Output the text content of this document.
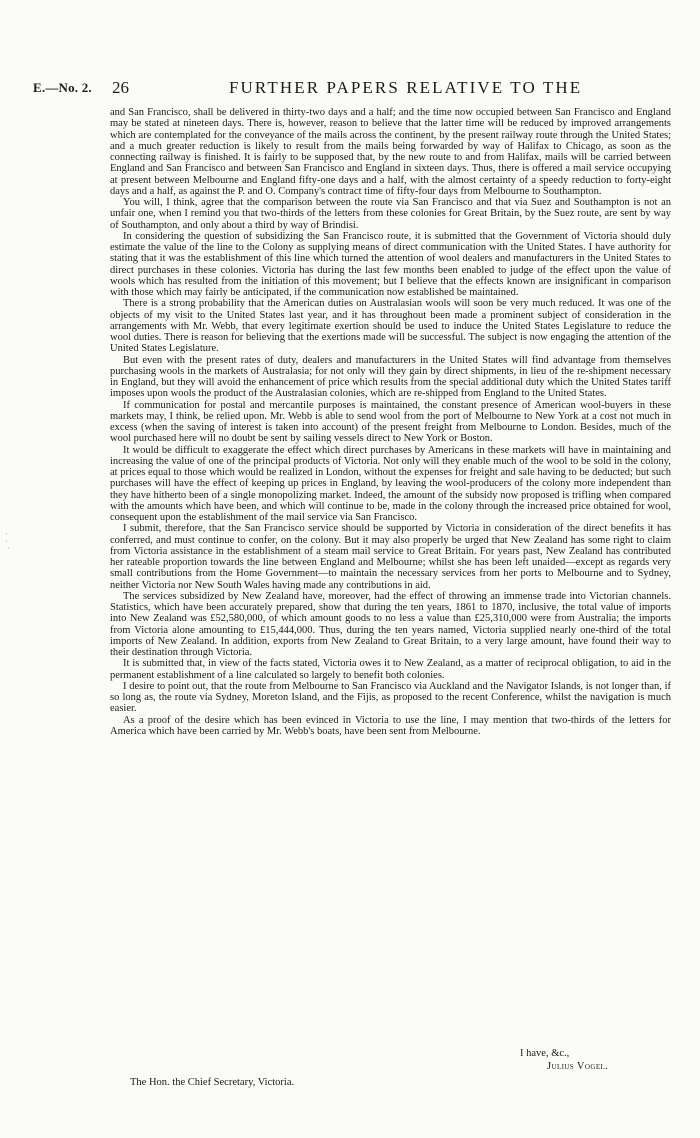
E.—No. 2. 26	FURTHER PAPERS RELATIVE TO THE
·
·
·

and San Francisco, shall be delivered in thirty-two days and a half; and the time now occupied between San Francisco and England may be stated at nineteen days. There is, however, reason to believe that the latter time will be reduced by improved arrangements which are contemplated for the conveyance of the mails across the continent, by the present railway route through the United States; and a much greater reduction is likely to result from the mails being forwarded by way of Halifax to Chicago, as soon as the connecting railway is finished. It is fairly to be supposed that, by the new route to and from Halifax, mails will be carried between England and San Francisco and between San Francisco and England in sixteen days. Thus, there is offered a mail service occupying at present between Melbourne and England fifty-one days and a half, with the almost certainty of a speedy reduction to forty-eight days and a half, as against the P. and O. Company's contract time of fifty-four days from Melbourne to Southampton.

You will, I think, agree that the comparison between the route via San Francisco and that via Suez and Southampton is not an unfair one, when I remind you that two-thirds of the letters from these colonies for Great Britain, by the Suez route, are sent by way of Southampton, and only about a third by way of Brindisi.

In considering the question of subsidizing the San Francisco route, it is submitted that the Government of Victoria should duly estimate the value of the line to the Colony as supplying means of direct communication with the United States. I have authority for stating that it was the establishment of this line which turned the attention of wool dealers and manufacturers in the United States to direct purchases in these colonies. Victoria has during the last few months been enabled to judge of the effect upon the value of wools which has resulted from the initiation of this movement; but I believe that the effects known are insignificant in comparison with those which may fairly be anticipated, if the communication now established be maintained.

There is a strong probability that the American duties on Australasian wools will soon be very much reduced. It was one of the objects of my visit to the United States last year, and it has throughout been made a prominent subject of consideration in the arrangements with Mr. Webb, that every legitimate exertion should be used to induce the United States Legislature to reduce the wool duties. There is reason for believing that the exertions made will be successful. The subject is now engaging the attention of the United States Legislature.

But even with the present rates of duty, dealers and manufacturers in the United States will find advantage from themselves purchasing wools in the markets of Australasia; for not only will they gain by direct shipments, in lieu of the re-shipment necessary in England, but they will avoid the enhancement of price which results from the special additional duty which the United States tariff imposes upon wools the product of the Australasian colonies, which are re-shipped from England to the United States.

If communication for postal and mercantile purposes is maintained, the constant presence of American wool-buyers in these markets may, I think, be relied upon. Mr. Webb is able to send wool from the port of Melbourne to New York at a cost not much in excess (when the saving of interest is taken into account) of the present freight from Melbourne to London. Besides, much of the wool purchased here will no doubt be sent by sailing vessels direct to New York or Boston.

It would be difficult to exaggerate the effect which direct purchases by Americans in these markets will have in maintaining and increasing the value of one of the principal products of Victoria. Not only will they enable much of the wool to be sold in the colony, at prices equal to those which would be realized in London, without the expenses for freight and sale having to be deducted; but such purchases will have the effect of keeping up prices in England, by leaving the wool-producers of the colony more independent than they have hitherto been of a single monopolizing market. Indeed, the amount of the subsidy now proposed is trifling when compared with the amounts which have been, and which will continue to be, made in the colony through the increased price obtained for wool, consequent upon the establishment of the mail service via San Francisco.

I submit, therefore, that the San Francisco service should be supported by Victoria in consideration of the direct benefits it has conferred, and must continue to confer, on the colony. But it may also properly be urged that New Zealand has some right to claim from Victoria assistance in the establishment of a steam mail service to Great Britain. For years past, New Zealand has contributed her rateable proportion towards the line between England and Melbourne; whilst she has been left unaided—except as regards very small contributions from the Home Government—to maintain the necessary services from her ports to Melbourne and to Sydney, neither Victoria nor New South Wales having made any contributions in aid.

The services subsidized by New Zealand have, moreover, had the effect of throwing an immense trade into Victorian channels. Statistics, which have been accurately prepared, show that during the ten years, 1861 to 1870, inclusive, the total value of imports into New Zealand was £52,580,000, of which amount goods to no less a value than £25,310,000 were from Australia; the imports from Victoria alone amounting to £15,444,000. Thus, during the ten years named, Victoria supplied nearly one-third of the total imports of New Zealand. In addition, exports from New Zealand to Great Britain, to a very large amount, have found their way to their destination through Victoria.

It is submitted that, in view of the facts stated, Victoria owes it to New Zealand, as a matter of reciprocal obligation, to aid in the permanent establishment of a line calculated so largely to benefit both colonies.

I desire to point out, that the route from Melbourne to San Francisco via Auckland and the Navigator Islands, is not longer than, if so long as, the route via Sydney, Moreton Island, and the Fijis, as proposed to the recent Conference, whilst the navigation is much easier.

As a proof of the desire which has been evinced in Victoria to use the line, I may mention that two-thirds of the letters for America which have been carried by Mr. Webb's boats, have been sent from Melbourne.

I have, &c.,
Julius Vogel.
The Hon. the Chief Secretary, Victoria.
